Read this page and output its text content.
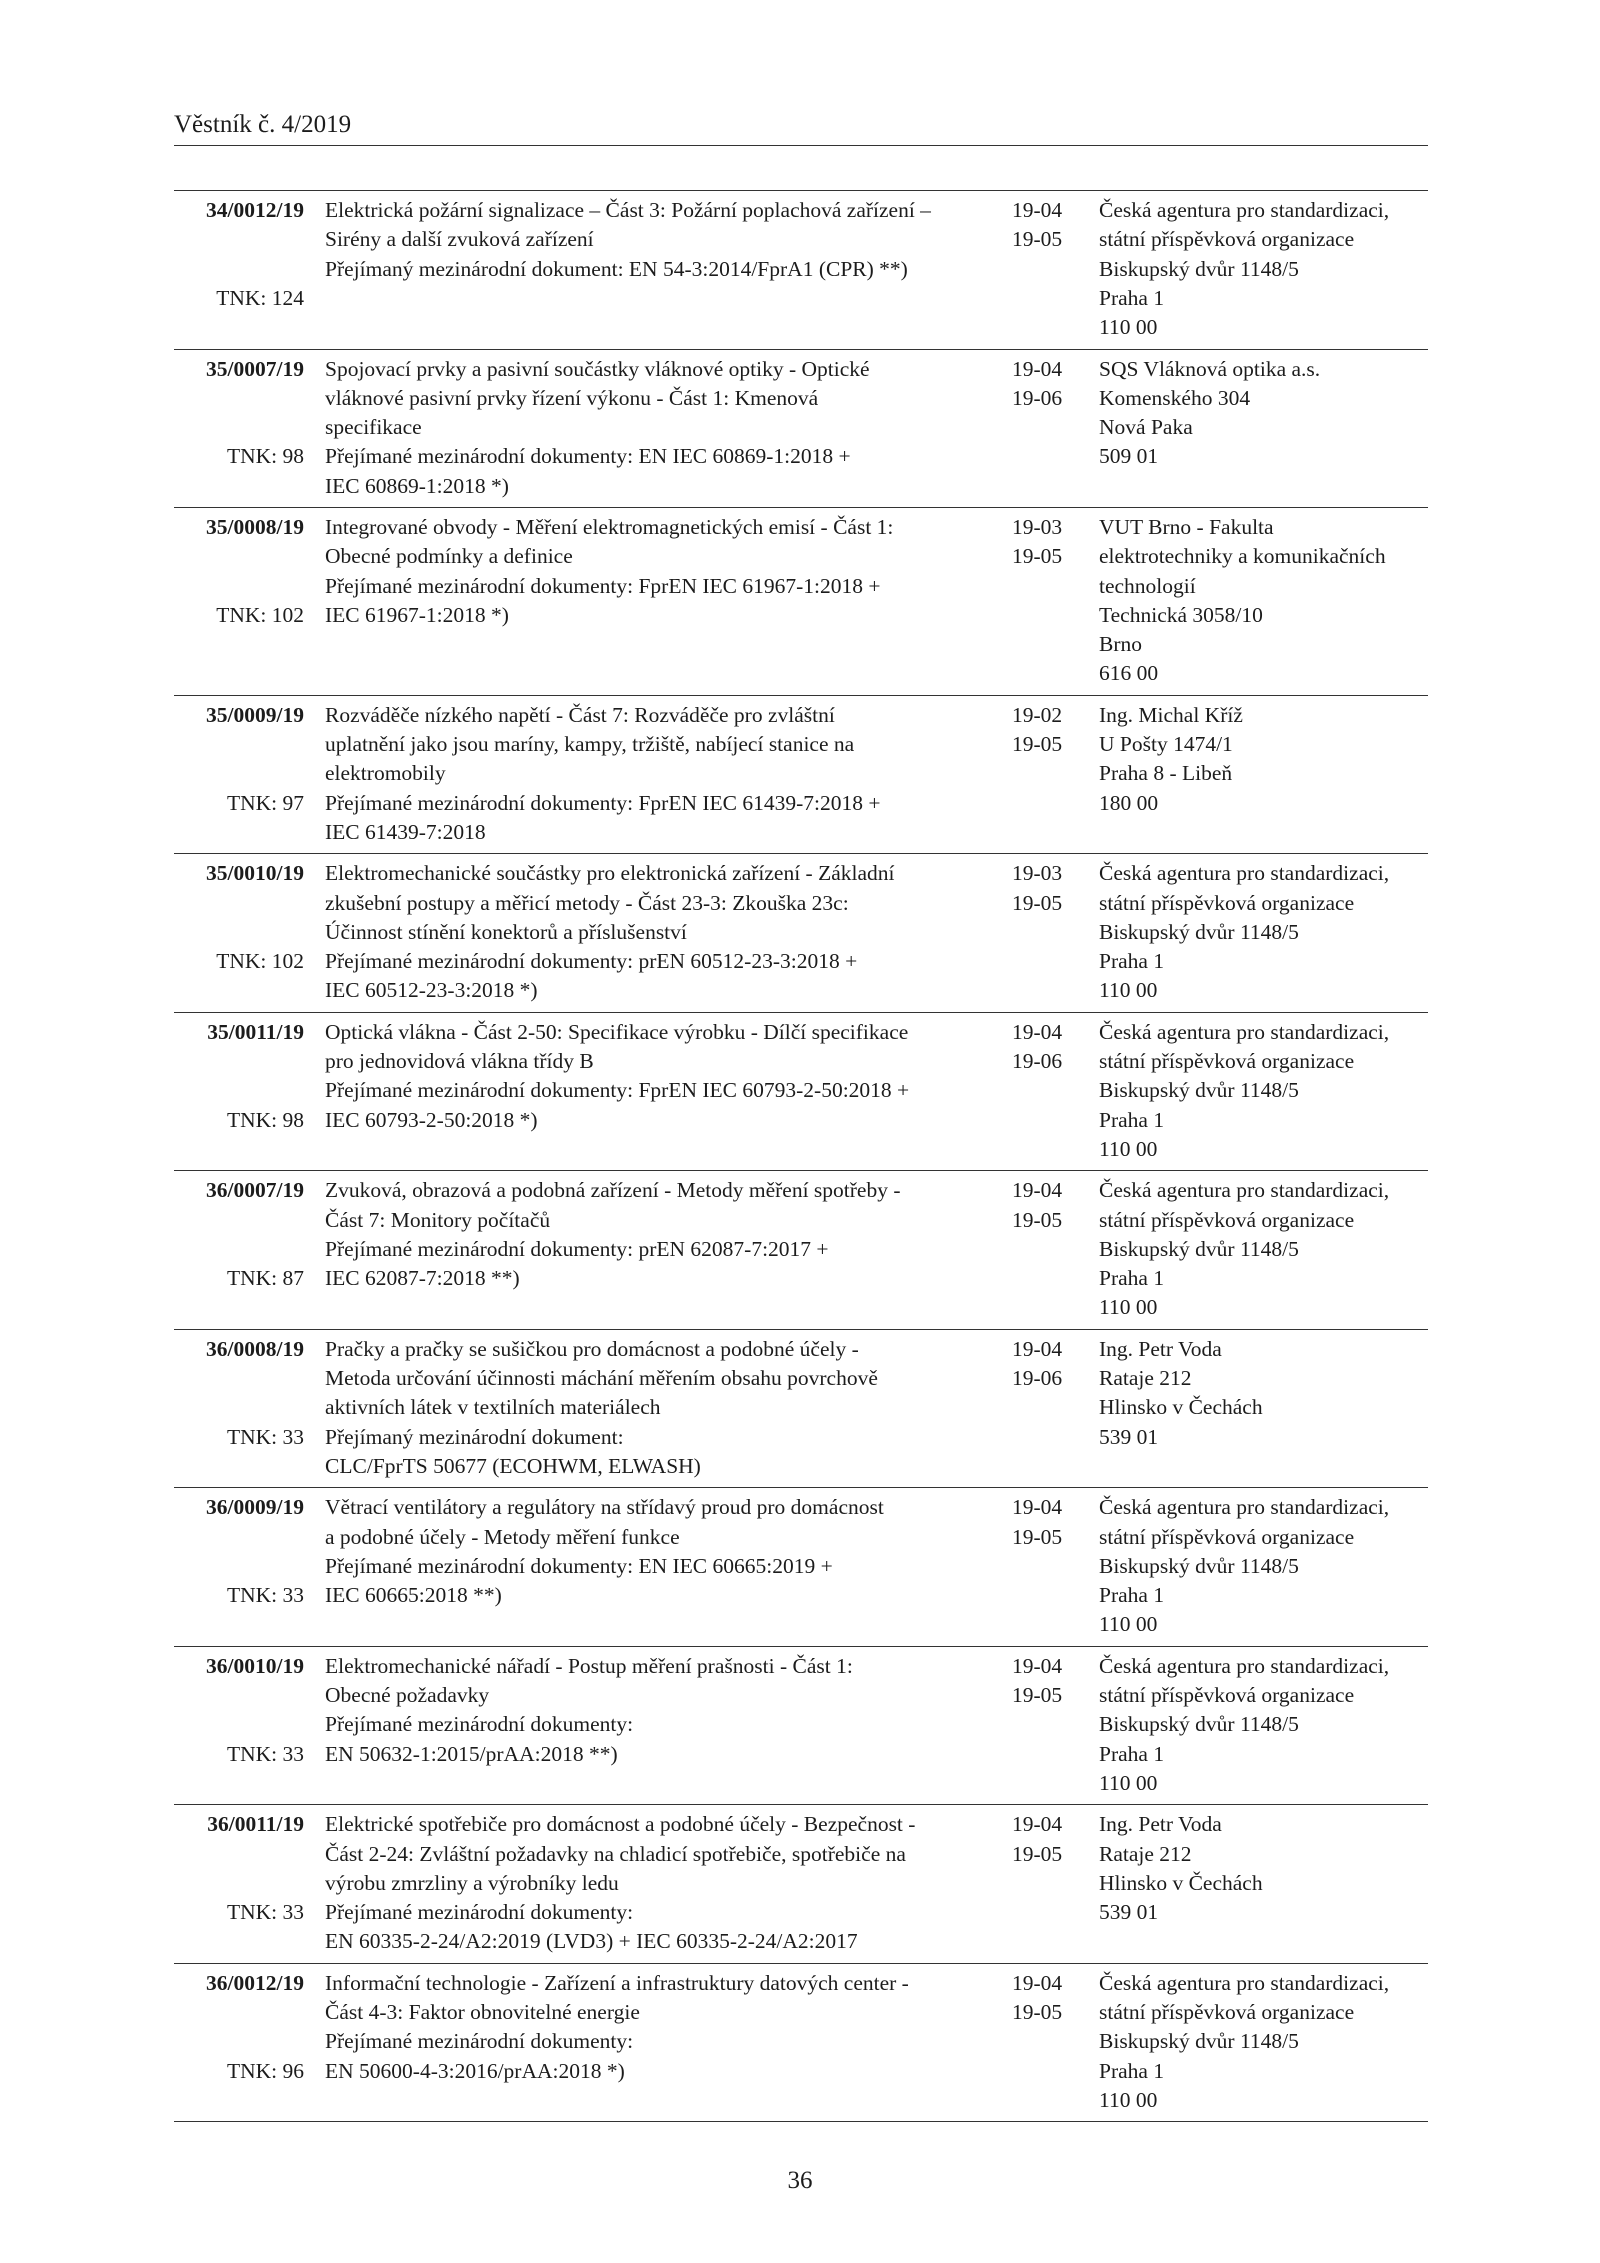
Věstník č. 4/2019
34/0012/19
TNK: 124
Elektrická požární signalizace – Část 3: Požární poplachová zařízení –
Sirény a další zvuková zařízení
Přejímaný mezinárodní dokument: EN 54-3:2014/FprA1 (CPR) **)
19-04
19-05
Česká agentura pro standardizaci,
státní příspěvková organizace
Biskupský dvůr 1148/5
Praha 1
110 00
35/0007/19
TNK: 98
Spojovací prvky a pasivní součástky vláknové optiky - Optické
vláknové pasivní prvky řízení výkonu - Část 1: Kmenová
specifikace
Přejímané mezinárodní dokumenty: EN IEC 60869-1:2018 +
IEC 60869-1:2018 *)
19-04
19-06
SQS Vláknová optika a.s.
Komenského 304
Nová Paka
509 01
35/0008/19
TNK: 102
Integrované obvody - Měření elektromagnetických emisí - Část 1:
Obecné podmínky a definice
Přejímané mezinárodní dokumenty: FprEN IEC 61967-1:2018 +
IEC 61967-1:2018 *)
19-03
19-05
VUT Brno - Fakulta
elektrotechniky a komunikačních
technologií
Technická 3058/10
Brno
616 00
35/0009/19
TNK: 97
Rozváděče nízkého napětí - Část 7: Rozváděče pro zvláštní
uplatnění jako jsou maríny, kampy, tržiště, nabíjecí stanice na
elektromobily
Přejímané mezinárodní dokumenty: FprEN IEC 61439-7:2018 +
IEC 61439-7:2018
19-02
19-05
Ing. Michal Kříž
U Pošty 1474/1
Praha 8 - Libeň
180 00
35/0010/19
TNK: 102
Elektromechanické součástky pro elektronická zařízení - Základní
zkušební postupy a měřicí metody - Část 23-3: Zkouška 23c:
Účinnost stínění konektorů a příslušenství
Přejímané mezinárodní dokumenty: prEN 60512-23-3:2018 +
IEC 60512-23-3:2018 *)
19-03
19-05
Česká agentura pro standardizaci,
státní příspěvková organizace
Biskupský dvůr 1148/5
Praha 1
110 00
35/0011/19
TNK: 98
Optická vlákna - Část 2-50: Specifikace výrobku - Dílčí specifikace
pro jednovidová vlákna třídy B
Přejímané mezinárodní dokumenty: FprEN IEC 60793-2-50:2018 +
IEC 60793-2-50:2018 *)
19-04
19-06
Česká agentura pro standardizaci,
státní příspěvková organizace
Biskupský dvůr 1148/5
Praha 1
110 00
36/0007/19
TNK: 87
Zvuková, obrazová a podobná zařízení - Metody měření spotřeby -
Část 7: Monitory počítačů
Přejímané mezinárodní dokumenty: prEN 62087-7:2017 +
IEC 62087-7:2018 **)
19-04
19-05
Česká agentura pro standardizaci,
státní příspěvková organizace
Biskupský dvůr 1148/5
Praha 1
110 00
36/0008/19
TNK: 33
Pračky a pračky se sušičkou pro domácnost a podobné účely -
Metoda určování účinnosti máchání měřením obsahu povrchově
aktivních látek v textilních materiálech
Přejímaný mezinárodní dokument:
CLC/FprTS 50677 (ECOHWM, ELWASH)
19-04
19-06
Ing. Petr Voda
Rataje 212
Hlinsko v Čechách
539 01
36/0009/19
TNK: 33
Větrací ventilátory a regulátory na střídavý proud pro domácnost
a podobné účely - Metody měření funkce
Přejímané mezinárodní dokumenty: EN IEC 60665:2019 +
IEC 60665:2018 **)
19-04
19-05
Česká agentura pro standardizaci,
státní příspěvková organizace
Biskupský dvůr 1148/5
Praha 1
110 00
36/0010/19
TNK: 33
Elektromechanické nářadí - Postup měření prašnosti - Část 1:
Obecné požadavky
Přejímané mezinárodní dokumenty:
EN 50632-1:2015/prAA:2018 **)
19-04
19-05
Česká agentura pro standardizaci,
státní příspěvková organizace
Biskupský dvůr 1148/5
Praha 1
110 00
36/0011/19
TNK: 33
Elektrické spotřebiče pro domácnost a podobné účely - Bezpečnost -
Část 2-24: Zvláštní požadavky na chladicí spotřebiče, spotřebiče na
výrobu zmrzliny a výrobníky ledu
Přejímané mezinárodní dokumenty:
EN 60335-2-24/A2:2019 (LVD3) + IEC 60335-2-24/A2:2017
19-04
19-05
Ing. Petr Voda
Rataje 212
Hlinsko v Čechách
539 01
36/0012/19
TNK: 96
Informační technologie - Zařízení a infrastruktury datových center -
Část 4-3: Faktor obnovitelné energie
Přejímané mezinárodní dokumenty:
EN 50600-4-3:2016/prAA:2018 *)
19-04
19-05
Česká agentura pro standardizaci,
státní příspěvková organizace
Biskupský dvůr 1148/5
Praha 1
110 00
36
